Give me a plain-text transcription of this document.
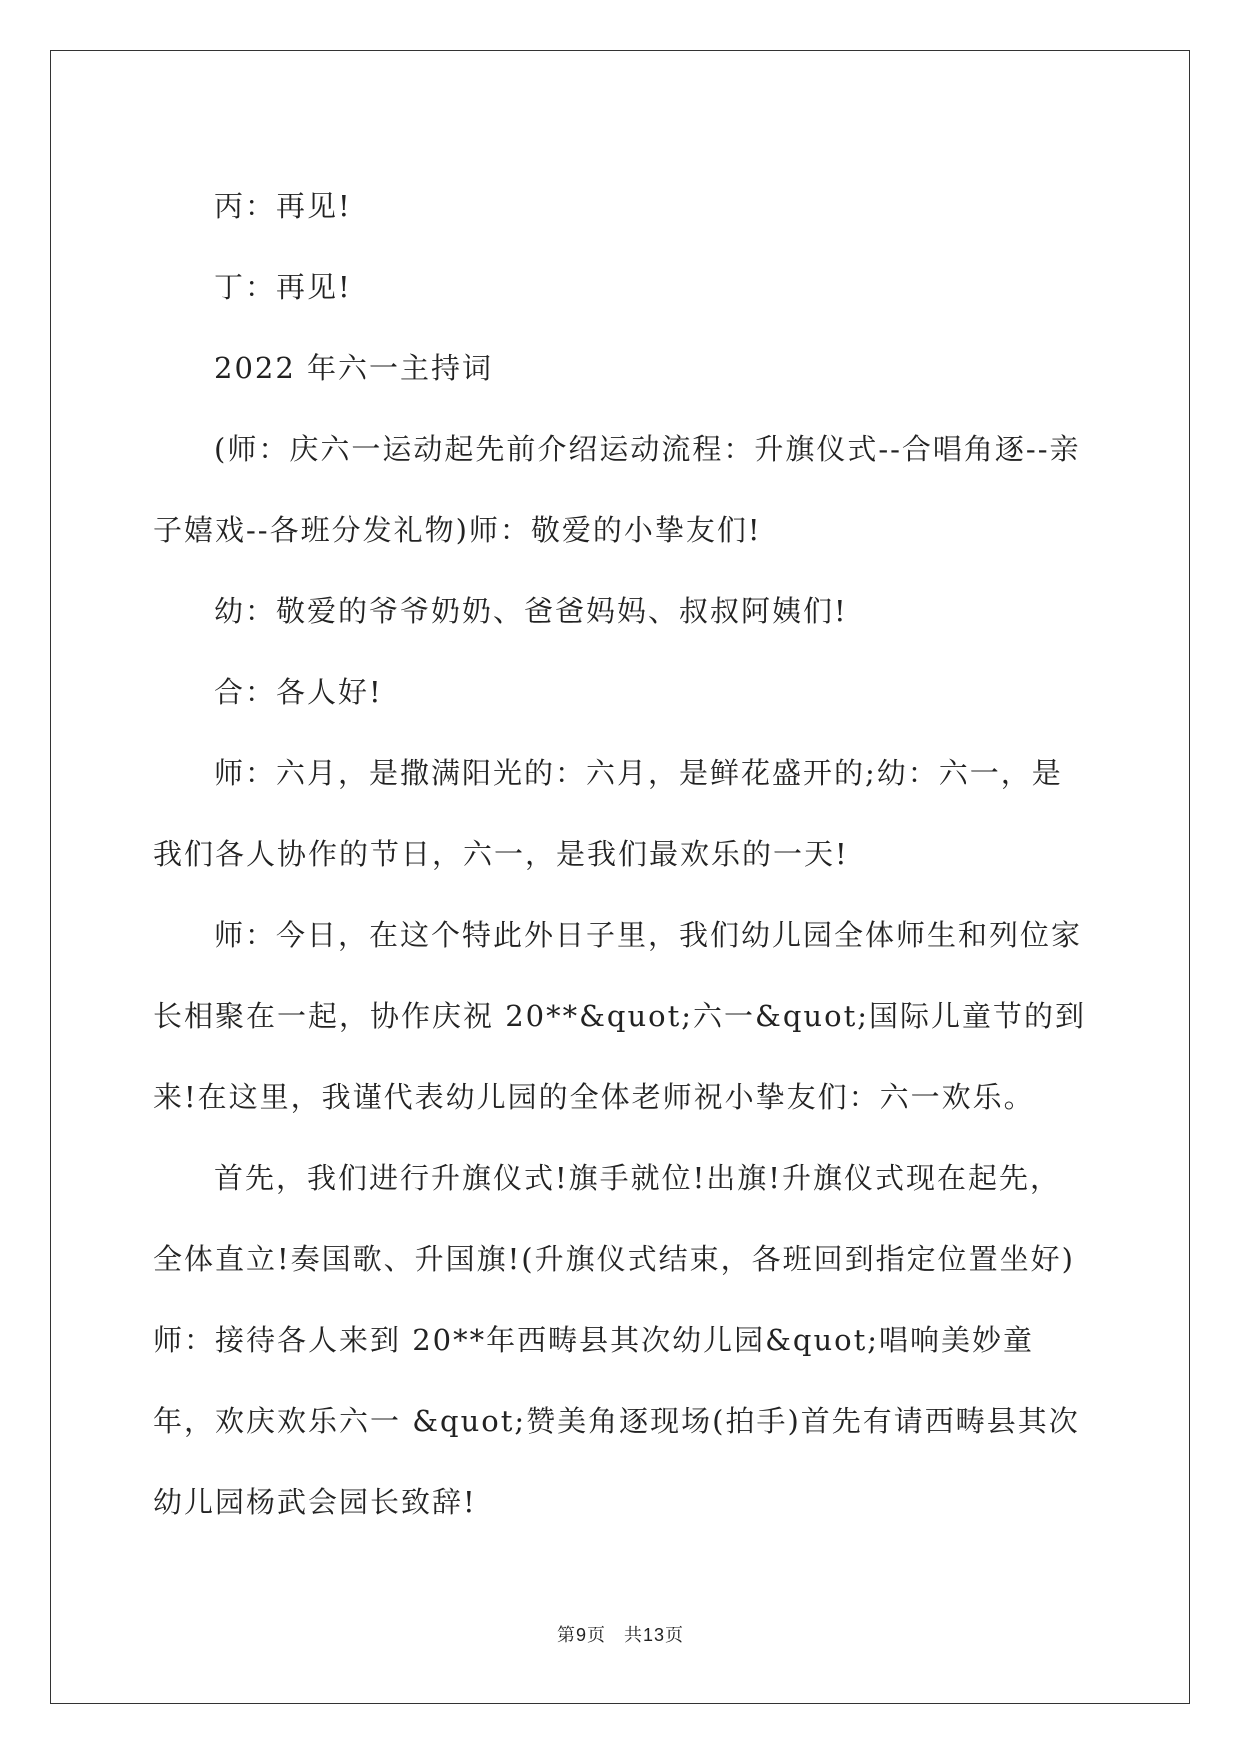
丙：再见!

丁：再见!

2022 年六一主持词

(师：庆六一运动起先前介绍运动流程：升旗仪式--合唱角逐--亲子嬉戏--各班分发礼物)师：敬爱的小挚友们!

幼：敬爱的爷爷奶奶、爸爸妈妈、叔叔阿姨们!

合：各人好!

师：六月，是撒满阳光的：六月，是鲜花盛开的;幼：六一，是我们各人协作的节日，六一，是我们最欢乐的一天!

师：今日，在这个特此外日子里，我们幼儿园全体师生和列位家长相聚在一起，协作庆祝 20**&quot;六一&quot;国际儿童节的到来!在这里，我谨代表幼儿园的全体老师祝小挚友们：六一欢乐。

首先，我们进行升旗仪式!旗手就位!出旗!升旗仪式现在起先，全体直立!奏国歌、升国旗!(升旗仪式结束，各班回到指定位置坐好)师：接待各人来到 20**年西畴县其次幼儿园&quot;唱响美妙童年，欢庆欢乐六一 &quot;赞美角逐现场(拍手)首先有请西畴县其次幼儿园杨武会园长致辞!

第9页 共13页
